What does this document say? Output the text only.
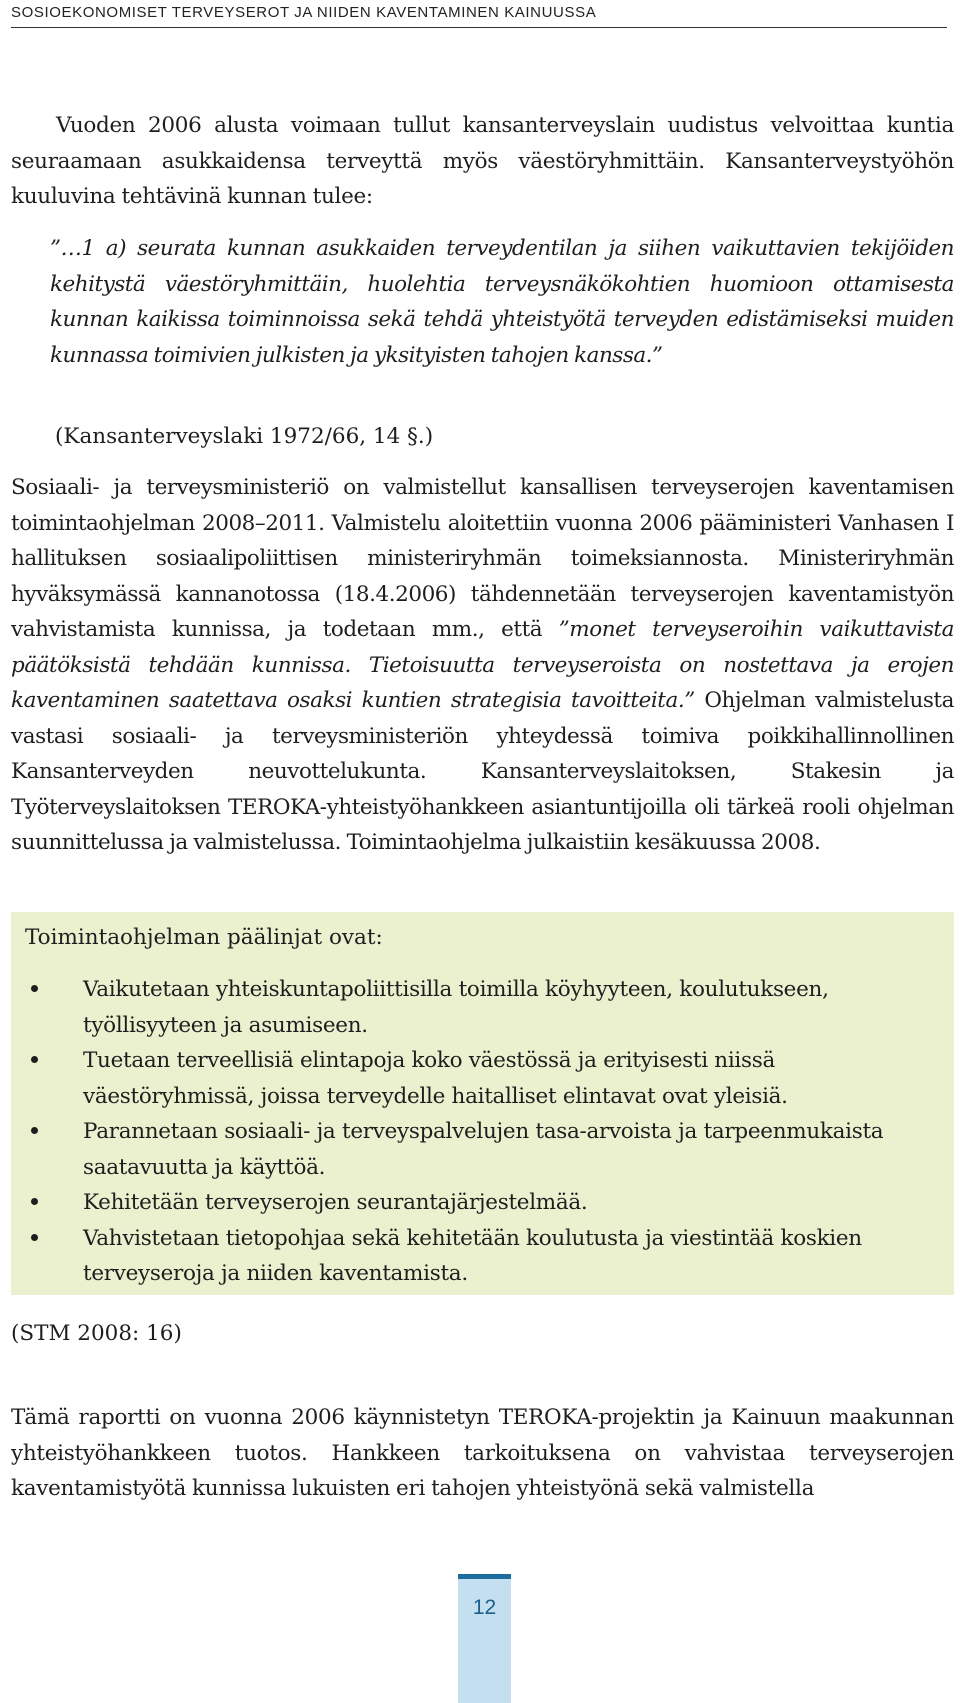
SOSIOEKONOMISET TERVEYSEROT JA NIIDEN KAVENTAMINEN KAINUUSSA
Vuoden 2006 alusta voimaan tullut kansanterveyslain uudistus velvoittaa kuntia seuraamaan asukkaidensa terveyttä myös väestöryhmittäin. Kansanterveystyöhön kuuluvina tehtävinä kunnan tulee:
”…1 a) seurata kunnan asukkaiden terveydentilan ja siihen vaikuttavien tekijöiden kehitystä väestöryhmittäin, huolehtia terveysnäkökohtien huomioon ottamisesta kunnan kaikissa toiminnoissa sekä tehdä yhteistyötä terveyden edistämiseksi muiden kunnassa toimivien julkisten ja yksityisten tahojen kanssa.”
(Kansanterveyslaki 1972/66, 14 §.)
Sosiaali- ja terveysministeriö on valmistellut kansallisen terveyserojen kaventamisen toimintaohjelman 2008–2011. Valmistelu aloitettiin vuonna 2006 pääministeri Vanhasen I hallituksen sosiaalipoliittisen ministeriryhmän toimeksiannosta. Ministeriryhmän hyväksymässä kannanotossa (18.4.2006) tähdennetään terveyserojen kaventamistyön vahvistamista kunnissa, ja todetaan mm., että ”monet terveyseroihin vaikuttavista päätöksistä tehdään kunnissa. Tietoisuutta terveyseroista on nostettava ja erojen kaventaminen saatettava osaksi kuntien strategisia tavoitteita.” Ohjelman valmistelusta vastasi sosiaali- ja terveysministeriön yhteydessä toimiva poikkihallinnollinen Kansanterveyden neuvottelukunta. Kansanterveyslaitoksen, Stakesin ja Työterveyslaitoksen TEROKA-yhteistyöhankkeen asiantuntijoilla oli tärkeä rooli ohjelman suunnittelussa ja valmistelussa. Toimintaohjelma julkaistiin kesäkuussa 2008.
Toimintaohjelman päälinjat ovat:
Vaikutetaan yhteiskuntapoliittisilla toimilla köyhyyteen, koulutukseen, työllisyyteen ja asumiseen.
Tuetaan terveellisiä elintapoja koko väestössä ja erityisesti niissä väestöryhmissä, joissa terveydelle haitalliset elintavat ovat yleisiä.
Parannetaan sosiaali- ja terveyspalvelujen tasa-arvoista ja tarpeenmukaista saatavuutta ja käyttöä.
Kehitetään terveyserojen seurantajärjestelmää.
Vahvistetaan tietopohjaa sekä kehitetään koulutusta ja viestintää koskien terveyseroja ja niiden kaventamista.
(STM 2008: 16)
Tämä raportti on vuonna 2006 käynnistetyn TEROKA-projektin ja Kainuun maakunnan yhteistyöhankkeen tuotos. Hankkeen tarkoituksena on vahvistaa terveyserojen kaventamistyötä kunnissa lukuisten eri tahojen yhteistyönä sekä valmistella
12
